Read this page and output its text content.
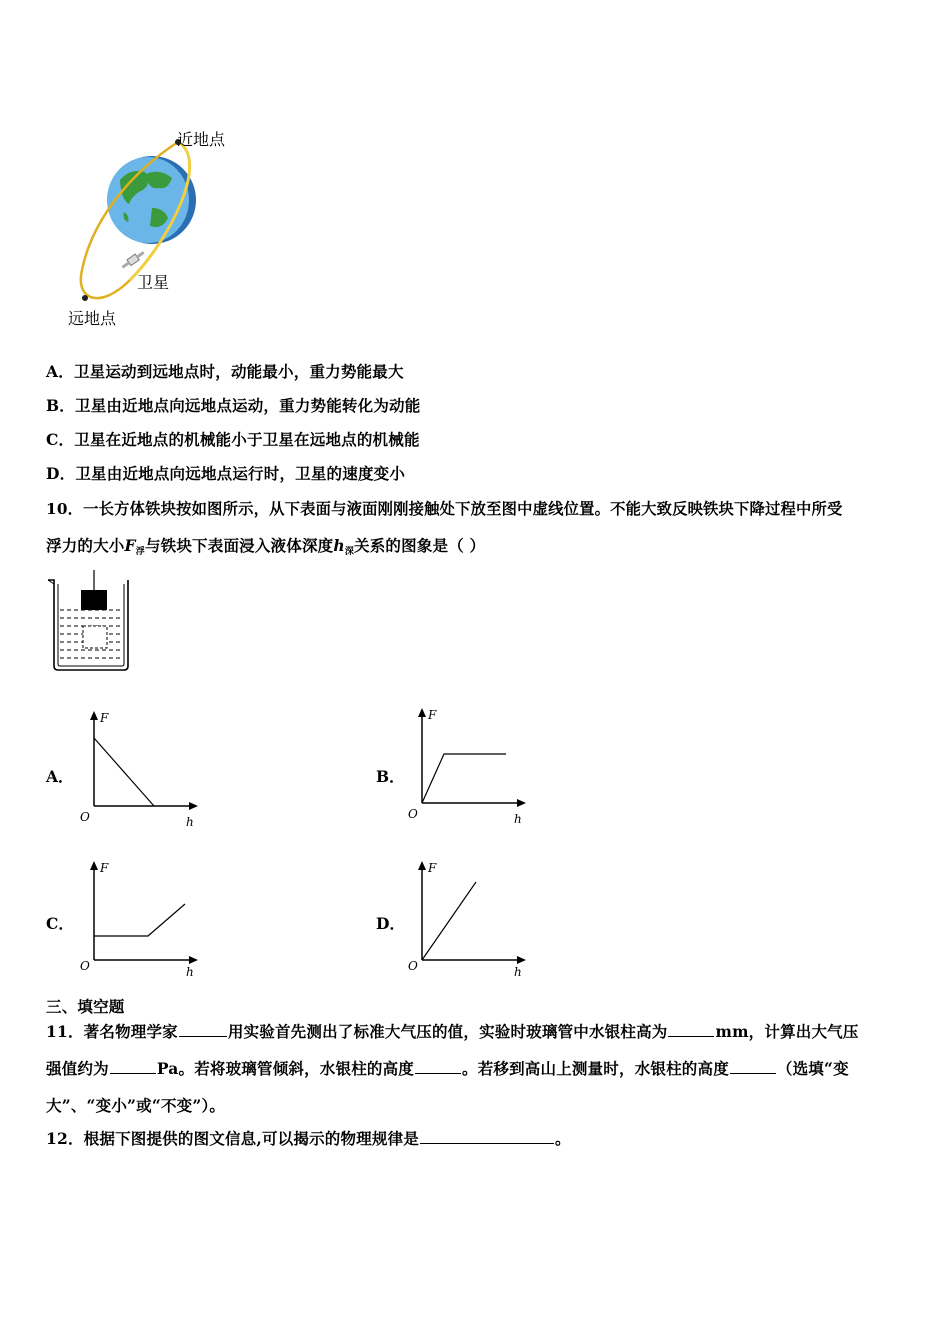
近地点
卫星
远地点
A．卫星运动到远地点时，动能最小，重力势能最大
B．卫星由近地点向远地点运动，重力势能转化为动能
C．卫星在近地点的机械能小于卫星在远地点的机械能
D．卫星由近地点向远地点运行时，卫星的速度变小
10．一长方体铁块按如图所示，从下表面与液面刚刚接触处下放至图中虚线位置。不能大致反映铁块下降过程中所受
浮力的大小$F_浮$与铁块下表面浸入液体深度$h_深$关系的图象是（ ）
A．	B．
C．	D．
F
h
O
F
h
O
F
h
O
F
h
O
三、填空题
11．著名物理学家	用实验首先测出了标准大气压的值，实验时玻璃管中水银柱高为	mm，计算出大气压
强值约为	Pa。若将玻璃管倾斜，水银柱的高度	。若移到高山上测量时，水银柱的高度	（选填“变
大”、“变小”或“不变”）。
12．根据下图提供的图文信息,可以揭示的物理规律是	。
